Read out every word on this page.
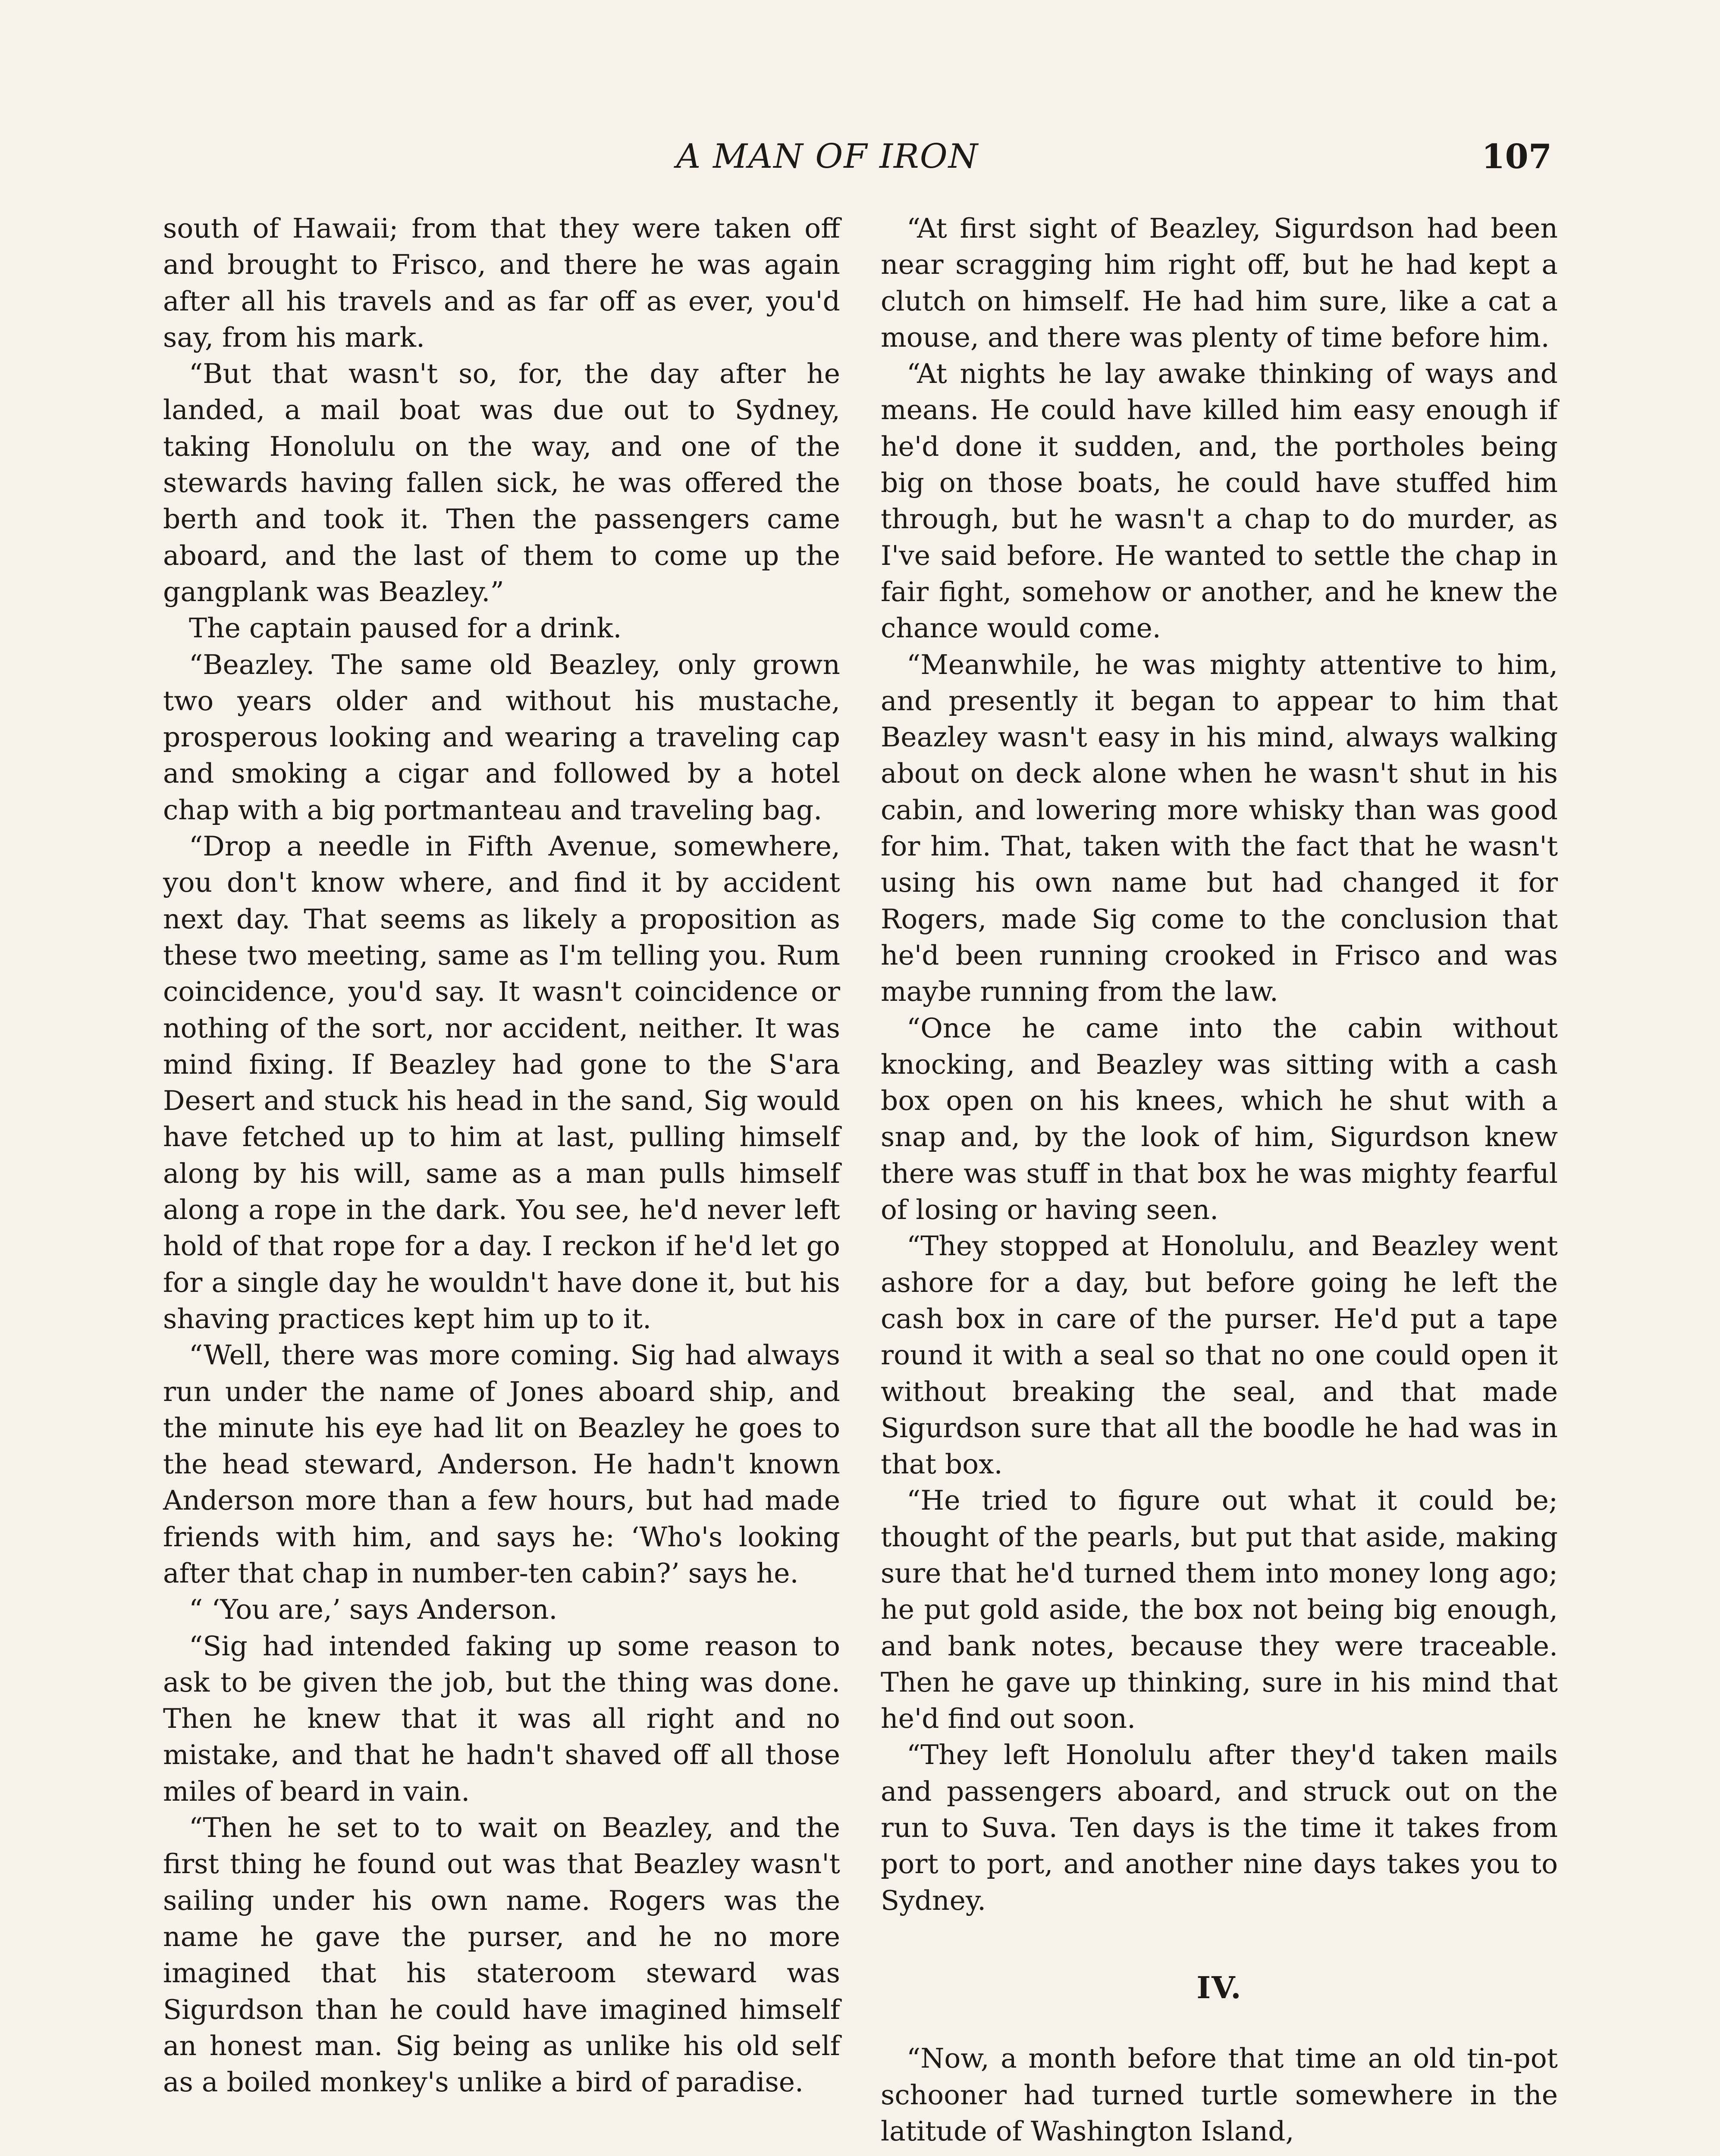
A MAN OF IRON	107

south of Hawaii; from that they were taken off and brought to Frisco, and there he was again after all his travels and as far off as ever, you'd say, from his mark.

“But that wasn't so, for, the day after he landed, a mail boat was due out to Sydney, taking Honolulu on the way, and one of the stewards having fallen sick, he was offered the berth and took it. Then the passengers came aboard, and the last of them to come up the gangplank was Beazley.”

The captain paused for a drink.

“Beazley. The same old Beazley, only grown two years older and without his mustache, prosperous looking and wearing a traveling cap and smoking a cigar and followed by a hotel chap with a big portmanteau and traveling bag.

“Drop a needle in Fifth Avenue, somewhere, you don't know where, and find it by accident next day. That seems as likely a proposition as these two meeting, same as I'm telling you. Rum coincidence, you'd say. It wasn't coincidence or nothing of the sort, nor accident, neither. It was mind fixing. If Beazley had gone to the S'ara Desert and stuck his head in the sand, Sig would have fetched up to him at last, pulling himself along by his will, same as a man pulls himself along a rope in the dark. You see, he'd never left hold of that rope for a day. I reckon if he'd let go for a single day he wouldn't have done it, but his shaving practices kept him up to it.

“Well, there was more coming. Sig had always run under the name of Jones aboard ship, and the minute his eye had lit on Beazley he goes to the head steward, Anderson. He hadn't known Anderson more than a few hours, but had made friends with him, and says he: ‘Who's looking after that chap in number-ten cabin?’ says he.

“ ‘You are,’ says Anderson.

“Sig had intended faking up some reason to ask to be given the job, but the thing was done. Then he knew that it was all right and no mistake, and that he hadn't shaved off all those miles of beard in vain.

“Then he set to to wait on Beazley, and the first thing he found out was that Beazley wasn't sailing under his own name. Rogers was the name he gave the purser, and he no more imagined that his stateroom steward was Sigurdson than he could have imagined himself an honest man. Sig being as unlike his old self as a boiled monkey's unlike a bird of paradise.

“At first sight of Beazley, Sigurdson had been near scragging him right off, but he had kept a clutch on himself. He had him sure, like a cat a mouse, and there was plenty of time before him.

“At nights he lay awake thinking of ways and means. He could have killed him easy enough if he'd done it sudden, and, the portholes being big on those boats, he could have stuffed him through, but he wasn't a chap to do murder, as I've said before. He wanted to settle the chap in fair fight, somehow or another, and he knew the chance would come.

“Meanwhile, he was mighty attentive to him, and presently it began to appear to him that Beazley wasn't easy in his mind, always walking about on deck alone when he wasn't shut in his cabin, and lowering more whisky than was good for him. That, taken with the fact that he wasn't using his own name but had changed it for Rogers, made Sig come to the conclusion that he'd been running crooked in Frisco and was maybe running from the law.

“Once he came into the cabin without knocking, and Beazley was sitting with a cash box open on his knees, which he shut with a snap and, by the look of him, Sigurdson knew there was stuff in that box he was mighty fearful of losing or having seen.

“They stopped at Honolulu, and Beazley went ashore for a day, but before going he left the cash box in care of the purser. He'd put a tape round it with a seal so that no one could open it without breaking the seal, and that made Sigurdson sure that all the boodle he had was in that box.

“He tried to figure out what it could be; thought of the pearls, but put that aside, making sure that he'd turned them into money long ago; he put gold aside, the box not being big enough, and bank notes, because they were traceable. Then he gave up thinking, sure in his mind that he'd find out soon.

“They left Honolulu after they'd taken mails and passengers aboard, and struck out on the run to Suva. Ten days is the time it takes from port to port, and another nine days takes you to Sydney.

IV.

“Now, a month before that time an old tin-pot schooner had turned turtle somewhere in the latitude of Washington Island,
